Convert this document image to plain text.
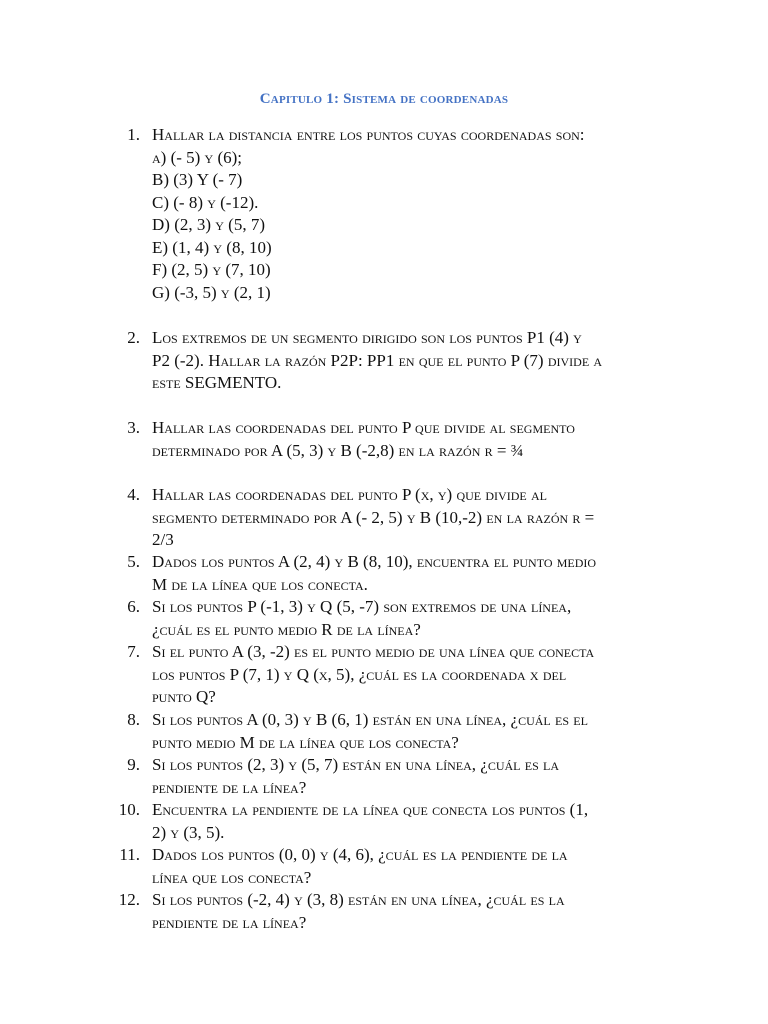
Capitulo 1: Sistema de coordenadas
1. Hallar la distancia entre los puntos cuyas coordenadas son:
a) (- 5) y (6);
B) (3) Y (- 7)
C) (- 8) y (-12).
D) (2, 3) y (5, 7)
E) (1, 4) y (8, 10)
F) (2, 5) y (7, 10)
G) (-3, 5) y (2, 1)
2. Los extremos de un segmento dirigido son los puntos P1 (4) y
P2 (-2). Hallar la razón P2P: PP1 en que el punto P (7) divide a
este SEGMENTO.
3. Hallar las coordenadas del punto P que divide al segmento
determinado por A (5, 3) y B (-2,8) en la razón r = ¾
4. Hallar las coordenadas del punto P (x, y) que divide al
segmento determinado por A (- 2, 5) y B (10,-2) en la razón r =
2/3
5. Dados los puntos A (2, 4) y B (8, 10), encuentra el punto medio
M de la línea que los conecta.
6. Si los puntos P (-1, 3) y Q (5, -7) son extremos de una línea,
¿cuál es el punto medio R de la línea?
7. Si el punto A (3, -2) es el punto medio de una línea que conecta
los puntos P (7, 1) y Q (x, 5), ¿cuál es la coordenada x del
punto Q?
8. Si los puntos A (0, 3) y B (6, 1) están en una línea, ¿cuál es el
punto medio M de la línea que los conecta?
9. Si los puntos (2, 3) y (5, 7) están en una línea, ¿cuál es la
pendiente de la línea?
10. Encuentra la pendiente de la línea que conecta los puntos (1,
2) y (3, 5).
11. Dados los puntos (0, 0) y (4, 6), ¿cuál es la pendiente de la
línea que los conecta?
12. Si los puntos (-2, 4) y (3, 8) están en una línea, ¿cuál es la
pendiente de la línea?
